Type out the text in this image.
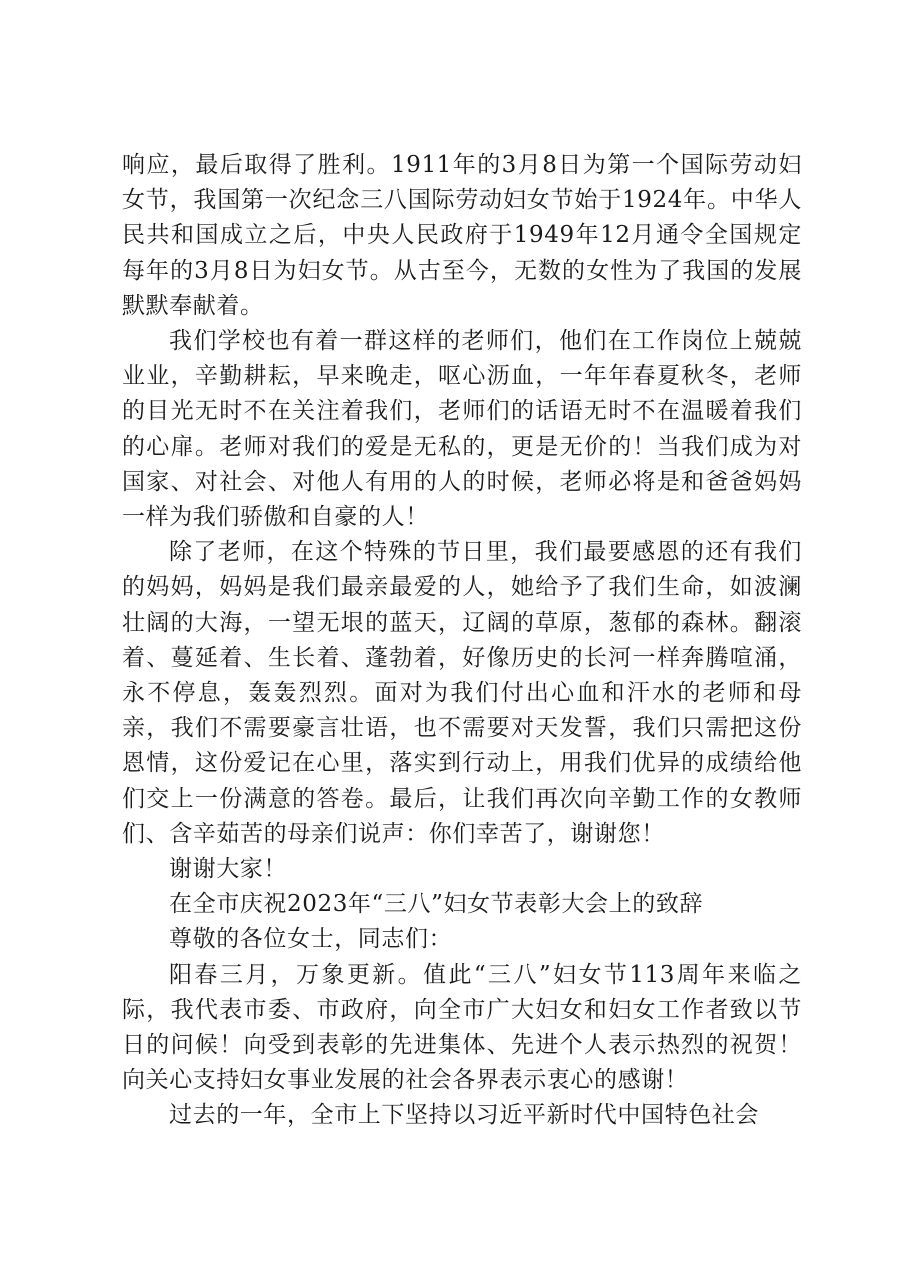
响应，最后取得了胜利。1911年的3月8日为第一个国际劳动妇女节，我国第一次纪念三八国际劳动妇女节始于1924年。中华人民共和国成立之后，中央人民政府于1949年12月通令全国规定每年的3月8日为妇女节。从古至今，无数的女性为了我国的发展默默奉献着。

我们学校也有着一群这样的老师们，他们在工作岗位上兢兢业业，辛勤耕耘，早来晚走，呕心沥血，一年年春夏秋冬，老师的目光无时不在关注着我们，老师们的话语无时不在温暖着我们的心扉。老师对我们的爱是无私的，更是无价的！当我们成为对国家、对社会、对他人有用的人的时候，老师必将是和爸爸妈妈一样为我们骄傲和自豪的人！

除了老师，在这个特殊的节日里，我们最要感恩的还有我们的妈妈，妈妈是我们最亲最爱的人，她给予了我们生命，如波澜壮阔的大海，一望无垠的蓝天，辽阔的草原，葱郁的森林。翻滚着、蔓延着、生长着、蓬勃着，好像历史的长河一样奔腾喧涌，永不停息，轰轰烈烈。面对为我们付出心血和汗水的老师和母亲，我们不需要豪言壮语，也不需要对天发誓，我们只需把这份恩情，这份爱记在心里，落实到行动上，用我们优异的成绩给他们交上一份满意的答卷。最后，让我们再次向辛勤工作的女教师们、含辛茹苦的母亲们说声：你们幸苦了，谢谢您！

谢谢大家！

在全市庆祝2023年“三八”妇女节表彰大会上的致辞

尊敬的各位女士，同志们：

阳春三月，万象更新。值此“三八”妇女节113周年来临之际，我代表市委、市政府，向全市广大妇女和妇女工作者致以节日的问候！向受到表彰的先进集体、先进个人表示热烈的祝贺！向关心支持妇女事业发展的社会各界表示衷心的感谢！

过去的一年，全市上下坚持以习近平新时代中国特色社会
